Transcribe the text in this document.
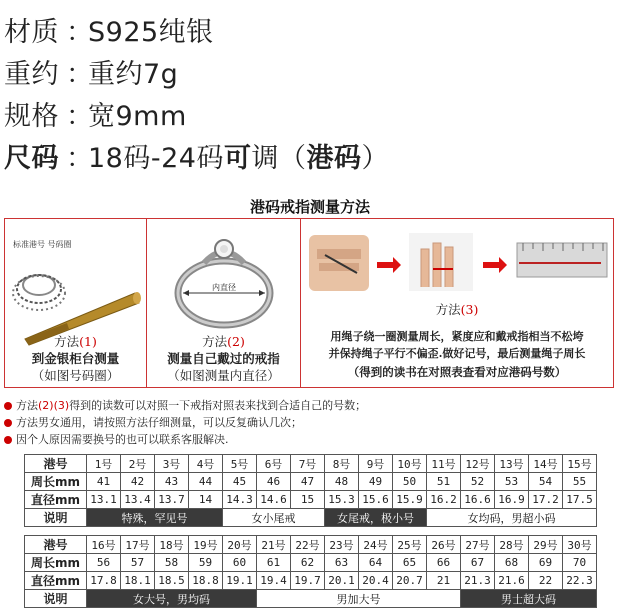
材质 ：
S925纯银
重约 ：
重约7g
规格 ：
宽9mm
尺码 ：
18码-24码可调（港码）
港码戒指测量方法
标准港号 号码圈
方法(1)
到金银柜台测量
（如图号码圈）
内直径
方法(2)
测量自己戴过的戒指
（如图测量内直径）
方法(3)
用绳子绕一圈测量周长，紧度应和戴戒指相当不松垮
并保持绳子平行不偏歪.做好记号，最后测量绳子周长
（得到的读书在对照表查看对应港码号数）
方法 (2)(3) 得到的读数可以对照一下戒指对照表来找到合适自己的号数；
方法男女通用，请按照方法仔细测量，可以反复确认几次；
因个人原因需要换号的也可以联系客服解决.
港号	1号	2号	3号	4号	5号	6号	7号	8号	9号	10号	11号	12号	13号	14号	15号
周长mm	41	42	43	44	45	46	47	48	49	50	51	52	53	54	55
直径mm	13.1	13.4	13.7	14	14.3	14.6	15	15.3	15.6	15.9	16.2	16.6	16.9	17.2	17.5
说明	特殊，罕见号				女小尾戒			女尾戒，极小号			女均码，男超小码				
港号	16号	17号	18号	19号	20号	21号	22号	23号	24号	25号	26号	27号	28号	29号	30号
周长mm	56	57	58	59	60	61	62	63	64	65	66	67	68	69	70
直径mm	17.8	18.1	18.5	18.8	19.1	19.4	19.7	20.1	20.4	20.7	21	21.3	21.6	22	22.3
说明	女大号，男均码					男加大号						男士超大码			
